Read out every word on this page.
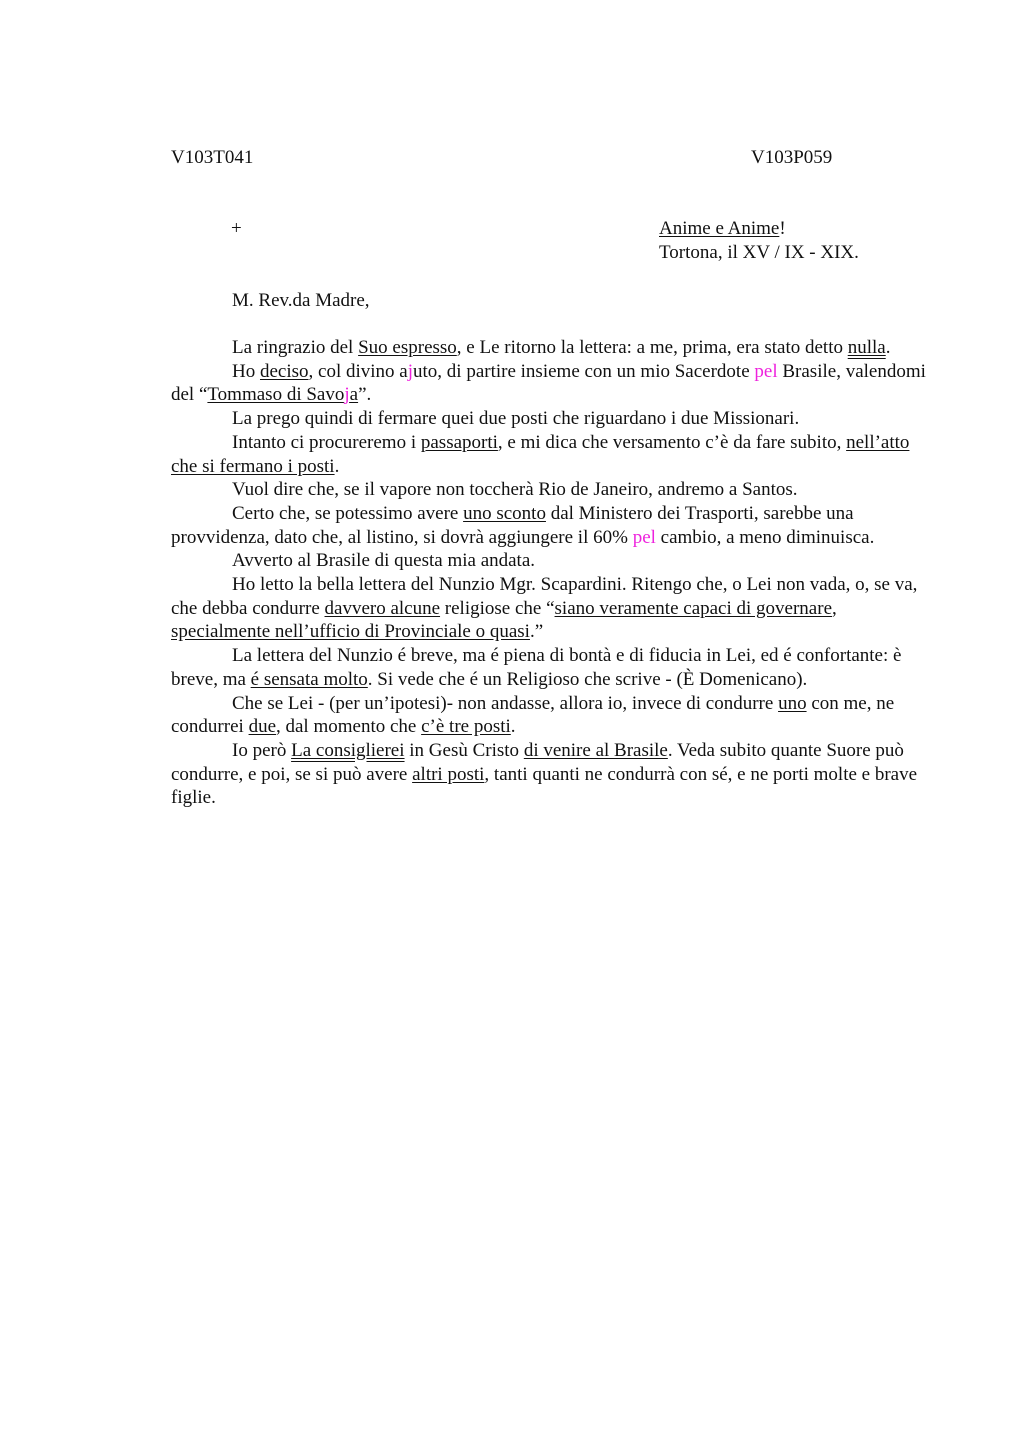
V103T041	V103P059
+	Anime e Anime!
Tortona, il XV / IX - XIX.
M. Rev.da Madre,

La ringrazio del Suo espresso, e Le ritorno la lettera: a me, prima, era stato detto nulla.

Ho deciso, col divino ajuto, di partire insieme con un mio Sacerdote pel Brasile, valendomi del “Tommaso di Savoja”.

La prego quindi di fermare quei due posti che riguardano i due Missionari.

Intanto ci procureremo i passaporti, e mi dica che versamento c’è da fare subito, nell’atto che si fermano i posti.

Vuol dire che, se il vapore non toccherà Rio de Janeiro, andremo a Santos.

Certo che, se potessimo avere uno sconto dal Ministero dei Trasporti, sarebbe una provvidenza, dato che, al listino, si dovrà aggiungere il 60% pel cambio, a meno diminuisca.

Avverto al Brasile di questa mia andata.

Ho letto la bella lettera del Nunzio Mgr. Scapardini. Ritengo che, o Lei non vada, o, se va, che debba condurre davvero alcune religiose che “siano veramente capaci di governare, specialmente nell’ufficio di Provinciale o quasi.”

La lettera del Nunzio é breve, ma é piena di bontà e di fiducia in Lei, ed é confortante: è breve, ma é sensata molto. Si vede che é un Religioso che scrive - (È Domenicano).

Che se Lei - (per un’ipotesi)- non andasse, allora io, invece di condurre uno con me, ne condurrei due, dal momento che c’è tre posti.

Io però La consiglierei in Gesù Cristo di venire al Brasile. Veda subito quante Suore può condurre, e poi, se si può avere altri posti, tanti quanti ne condurrà con sé, e ne porti molte e brave figlie.
